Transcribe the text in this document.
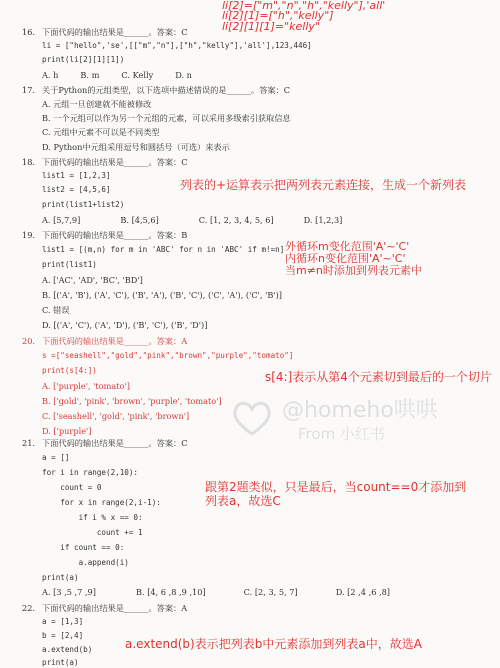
li[2]=["m","n","h","kelly"],'all'
li[2][1]=["h","kelly"]
li[2][1][1]="kelly"
16. 下面代码的输出结果是______。答案：C
li = ["hello",'se',[["m","n"],["h","kelly"],'all'],123,446]
print(li[2][1][1])
A. h	B. m	C. Kelly	D. n
17. 关于Python的元组类型，以下选项中描述错误的是______。答案：C
A. 元组一旦创建就不能被修改
B. 一个元组可以作为另一个元组的元素，可以采用多级索引获取信息
C. 元组中元素不可以是不同类型
D. Python中元组采用逗号和圆括号（可选）来表示
18. 下面代码的输出结果是______。答案：C
list1 = [1,2,3]
list2 = [4,5,6]
print(list1+list2)
A. [5,7,9]	B. [4,5,6]	C. [1, 2, 3, 4, 5, 6]	D. [1,2,3]
列表的+运算表示把两列表元素连接，生成一个新列表
19. 下面代码的输出结果是______。答案：B
list1 = [(m,n) for m in 'ABC' for n in 'ABC' if m!=n]
print(list1)
A. ['AC', 'AD', 'BC', 'BD']
B. [('A', 'B'), ('A', 'C'), ('B', 'A'), ('B', 'C'), ('C', 'A'), ('C', 'B')]
C. 错误
D. [('A', 'C'), ('A', 'D'), ('B', 'C'), ('B', 'D')]
外循环m变化范围'A'~'C'
内循环n变化范围'A'~'C'
当m≠n时添加到列表元素中
20. 下面代码的输出结果是______。答案：A
s =["seashell","gold","pink","brown","purple","tomato"]
print(s[4:])
A. ['purple', 'tomato']
B. ['gold', 'pink', 'brown', 'purple', 'tomato']
C. ['seashell', 'gold', 'pink', 'brown']
D. ['purple']
s[4:]表示从第4个元素切到最后的一个切片
@homeho哄哄
From 小红书
21. 下面代码的输出结果是______。答案：C
a = []
for i in range(2,10):
count = 0
for x in range(2,i-1):
if i % x == 0:
count += 1
if count == 0:
a.append(i)
print(a)
A. [3 ,5 ,7 ,9]	B. [4, 6 ,8 ,9 ,10]	C. [2, 3, 5, 7]	D. [2 ,4 ,6 ,8]
跟第2题类似，只是最后，当count==0才添加到
列表a，故选C
22. 下面代码的输出结果是______。答案：A
a = [1,3]
b = [2,4]
a.extend(b)
print(a)
a.extend(b)表示把列表b中元素添加到列表a中，故选A
